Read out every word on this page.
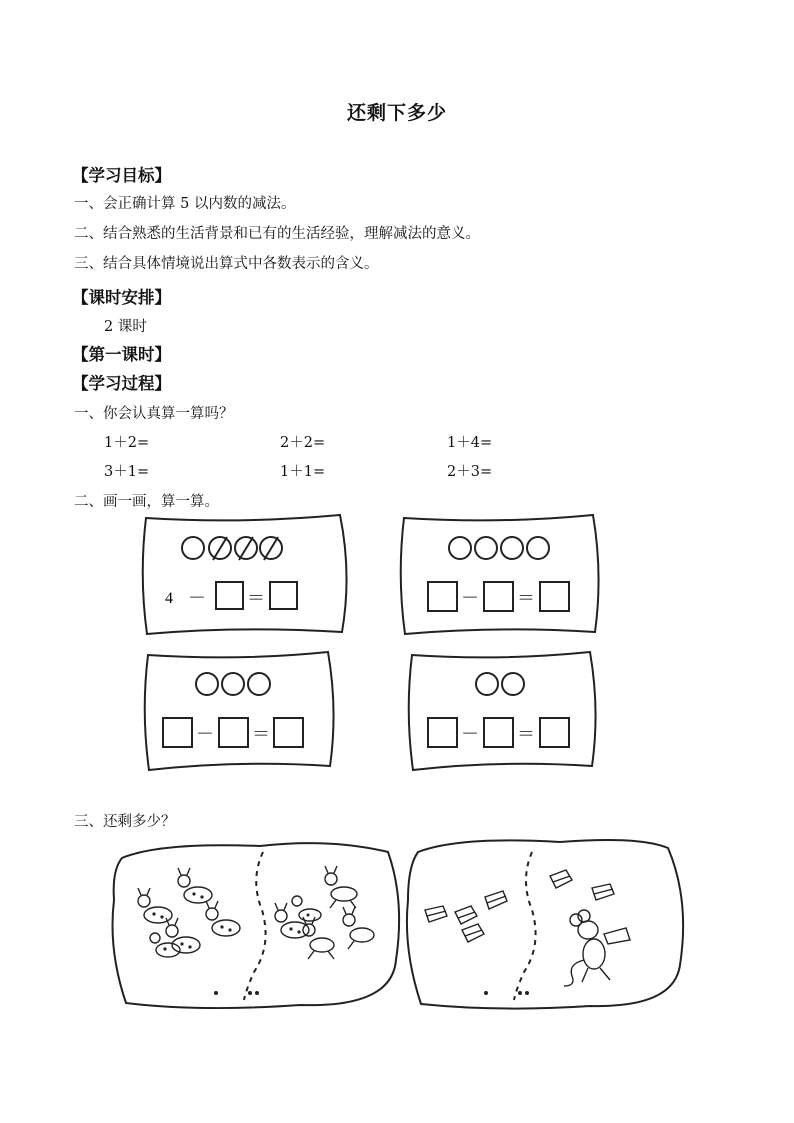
还剩下多少
【学习目标】
一、会正确计算 5 以内数的减法。
二、结合熟悉的生活背景和已有的生活经验，理解减法的意义。
三、结合具体情境说出算式中各数表示的含义。
【课时安排】
2 课时
【第一课时】
【学习过程】
一、你会认真算一算吗？
1＋2=	2＋2=	1＋4=
3＋1=	1＋1=	2＋3=
二、画一画，算一算。
4 － ＝	－ ＝
－ ＝	－ ＝
三、还剩多少？
